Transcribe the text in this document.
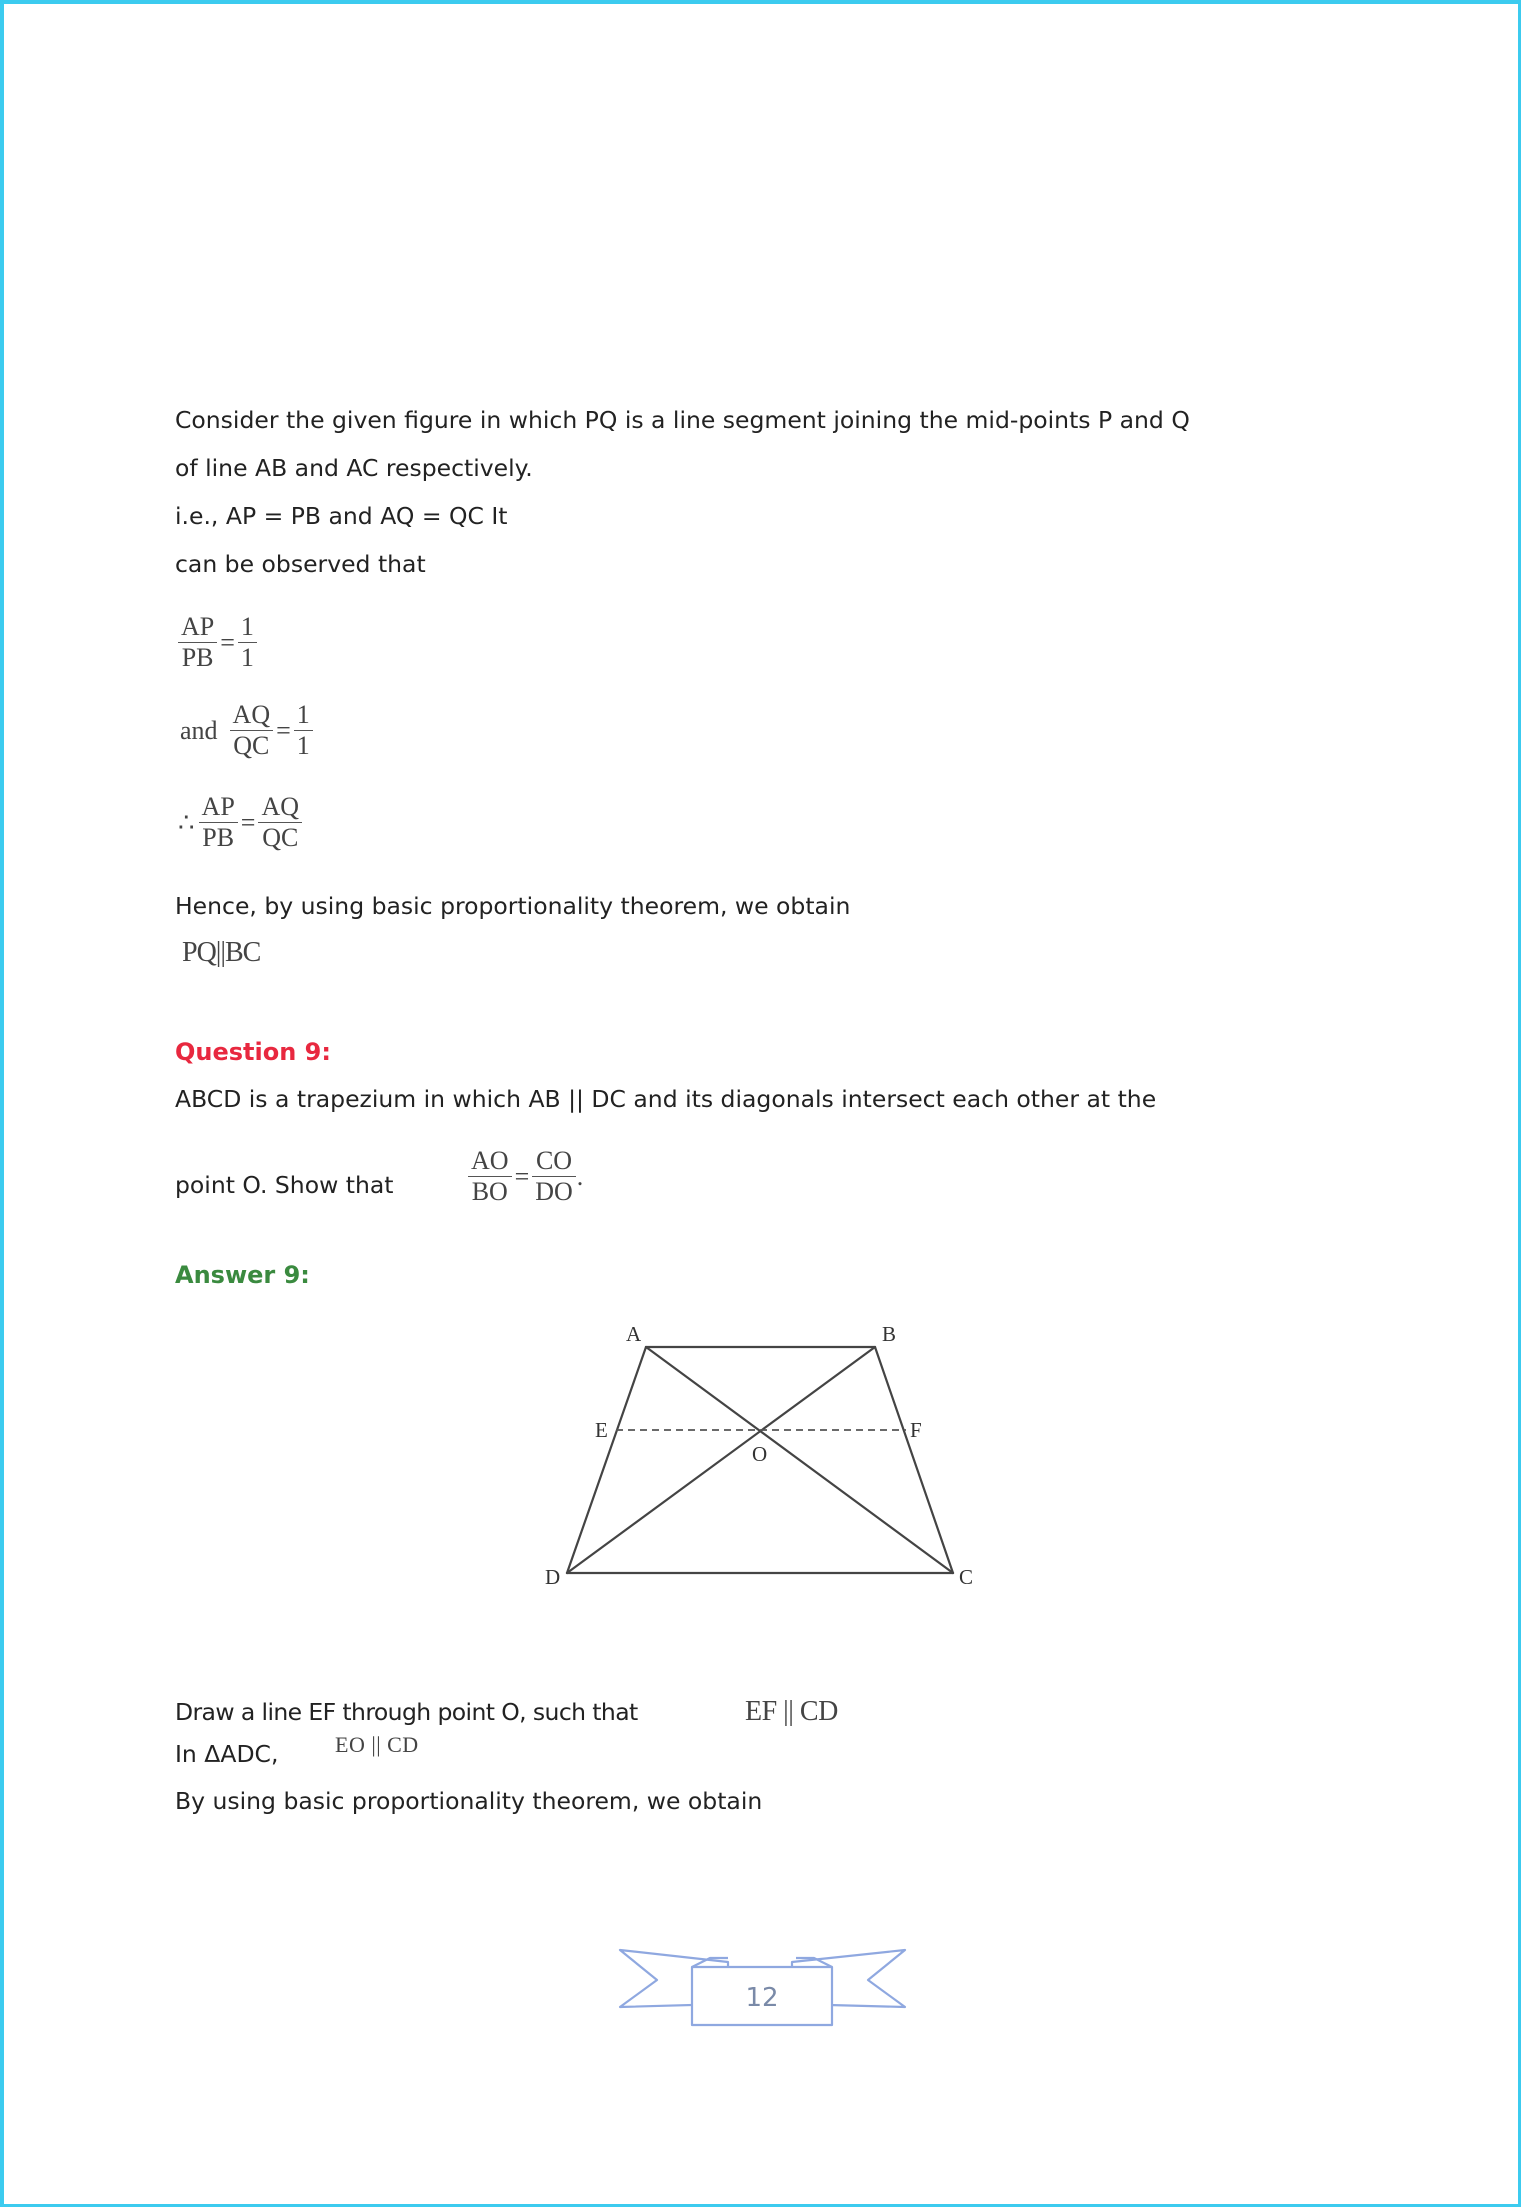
Consider the given figure in which PQ is a line segment joining the mid-points P and Q
of line AB and AC respectively.
i.e., AP = PB and AQ = QC It
can be observed that
$\frac{AP}{PB} = \frac{1}{1}$
and $\frac{AQ}{QC} = \frac{1}{1}$
∴ $\frac{AP}{PB} = \frac{AQ}{QC}$
Hence, by using basic proportionality theorem, we obtain
PQ||BC
Question 9:
ABCD is a trapezium in which AB || DC and its diagonals intersect each other at the
point O. Show that	$\frac{AO}{BO} = \frac{CO}{DO}$ .
Answer 9:
A	B
C
D
E	F
O
Draw a line EF through point O, such that	EF || CD
In ΔADC,	EO || CD
By using basic proportionality theorem, we obtain
12
